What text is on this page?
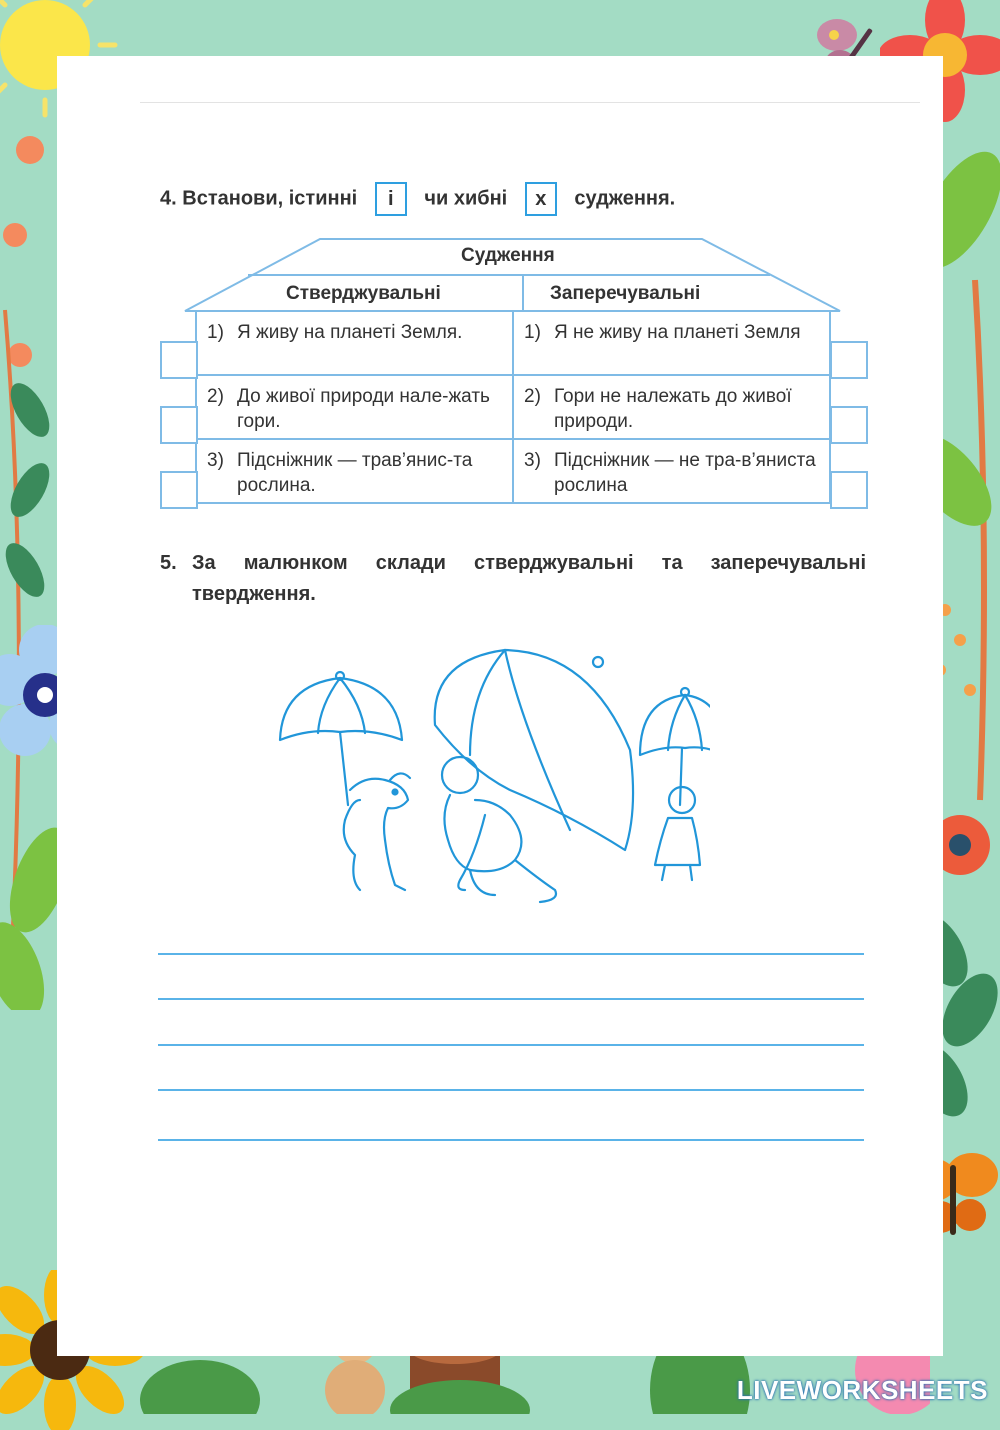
4. Встанови, істинні і чи хибні х судження.
Судження
Стверджувальні	Заперечувальні
1) Я живу на планеті Земля.	1) Я не живу на планеті Земля
2) До живої природи нале-жать гори.	2) Гори не належать до живої природи.
3) Підсніжник — трав’янис-та рослина.	3) Підсніжник — не тра-в’яниста рослина
5. За малюнком склади стверджувальні та заперечувальні твердження.
LIVEWORKSHEETS
